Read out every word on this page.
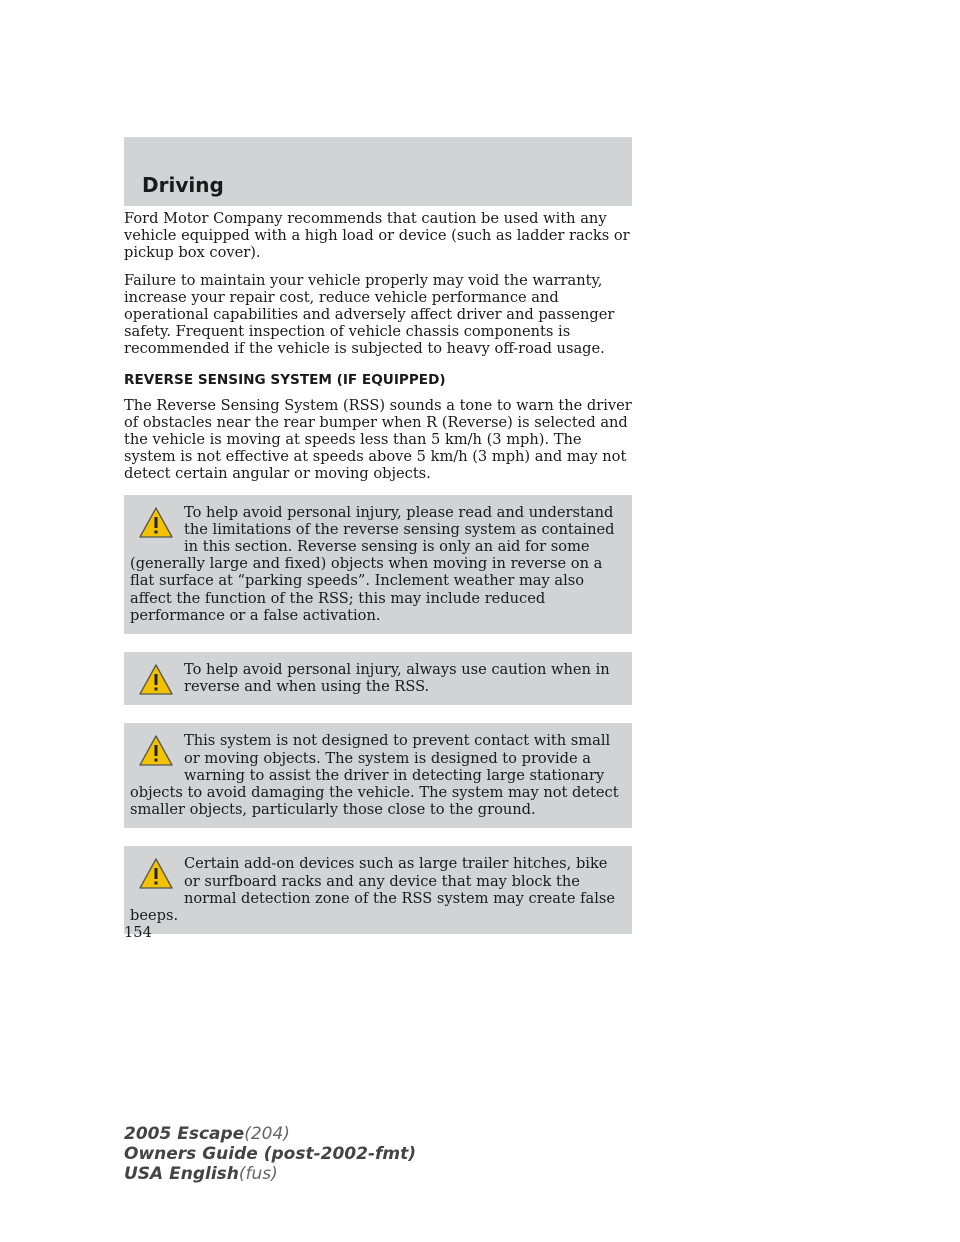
Driving

Ford Motor Company recommends that caution be used with any vehicle equipped with a high load or device (such as ladder racks or pickup box cover).

Failure to maintain your vehicle properly may void the warranty, increase your repair cost, reduce vehicle performance and operational capabilities and adversely affect driver and passenger safety. Frequent inspection of vehicle chassis components is recommended if the vehicle is subjected to heavy off-road usage.

REVERSE SENSING SYSTEM (IF EQUIPPED)

The Reverse Sensing System (RSS) sounds a tone to warn the driver of obstacles near the rear bumper when R (Reverse) is selected and the vehicle is moving at speeds less than 5 km/h (3 mph). The system is not effective at speeds above 5 km/h (3 mph) and may not detect certain angular or moving objects.

To help avoid personal injury, please read and understand the limitations of the reverse sensing system as contained in this section. Reverse sensing is only an aid for some (generally large and fixed) objects when moving in reverse on a flat surface at “parking speeds”. Inclement weather may also affect the function of the RSS; this may include reduced performance or a false activation.
To help avoid personal injury, always use caution when in reverse and when using the RSS.
This system is not designed to prevent contact with small or moving objects. The system is designed to provide a warning to assist the driver in detecting large stationary objects to avoid damaging the vehicle. The system may not detect smaller objects, particularly those close to the ground.
Certain add-on devices such as large trailer hitches, bike or surfboard racks and any device that may block the normal detection zone of the RSS system may create false beeps.
154
2005 Escape(204)
Owners Guide (post-2002-fmt)
USA English(fus)
